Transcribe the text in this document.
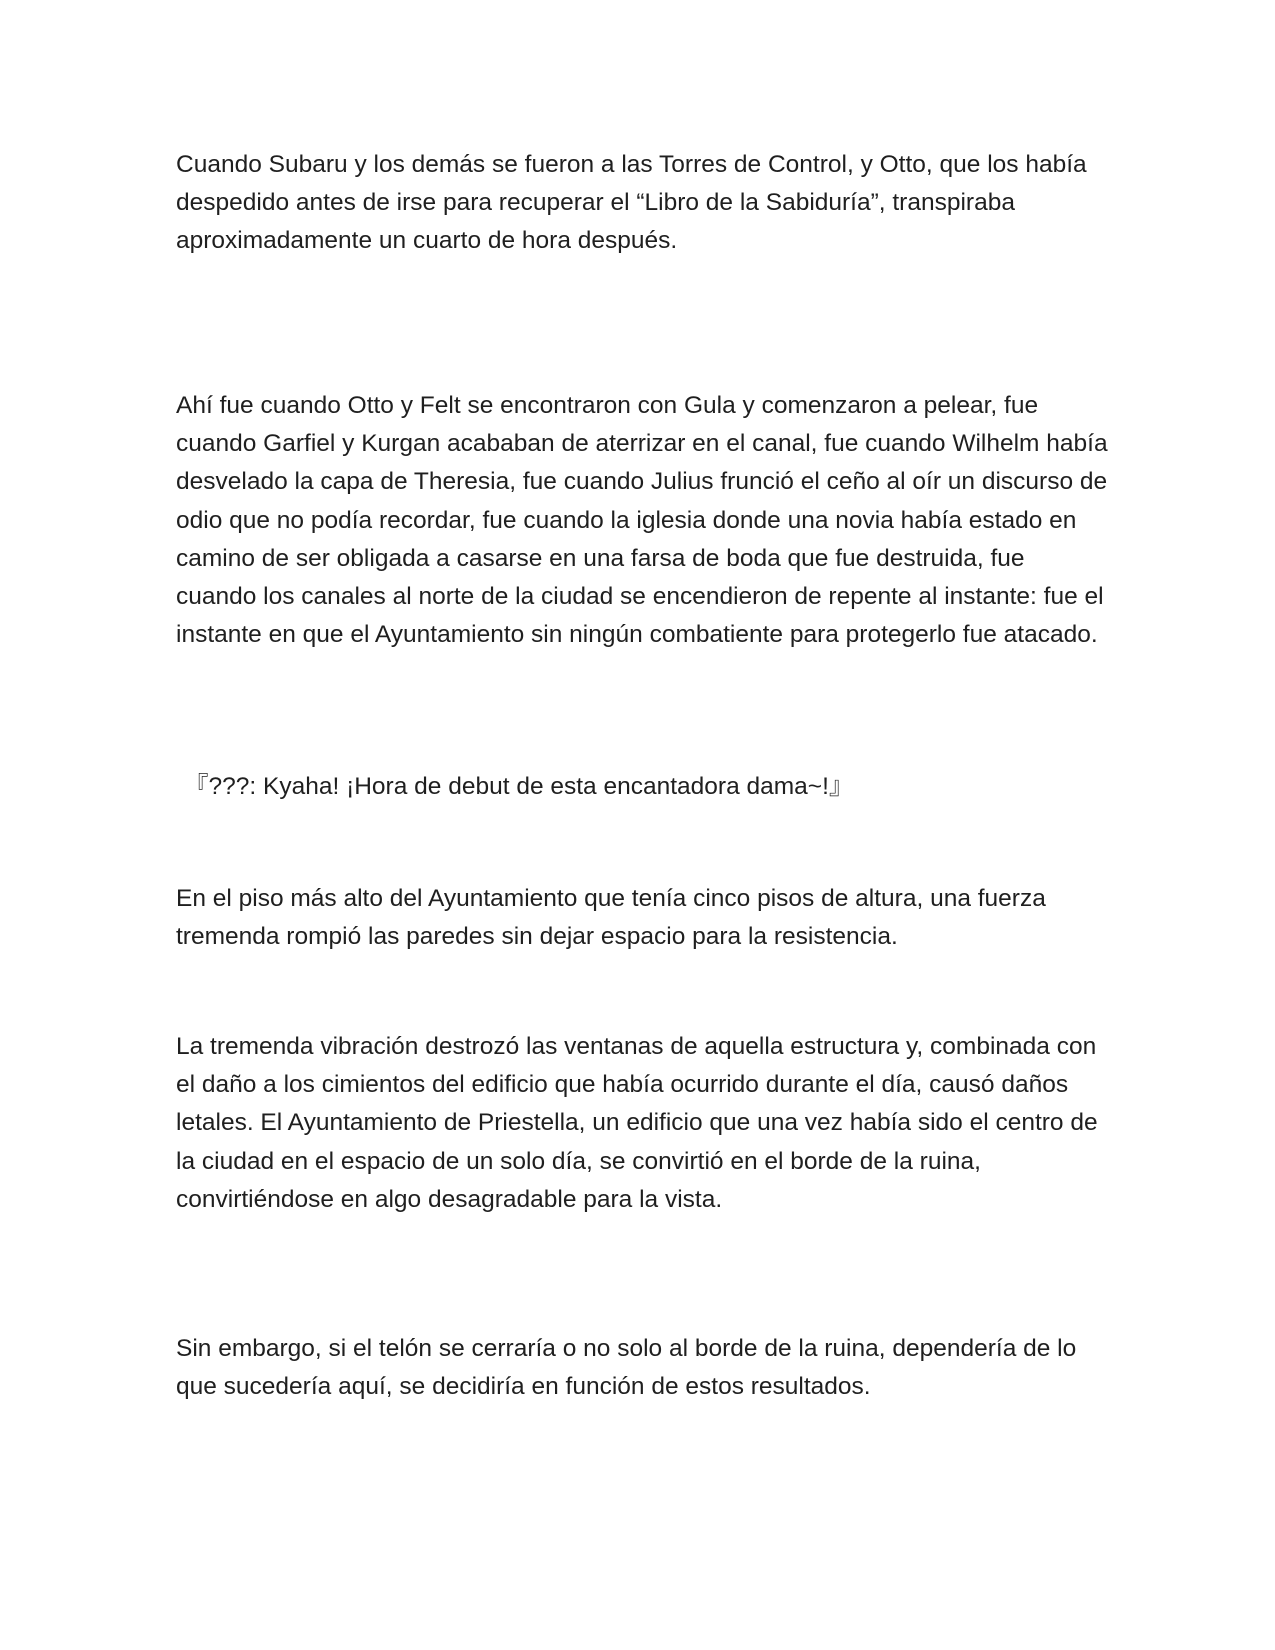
Cuando Subaru y los demás se fueron a las Torres de Control, y Otto, que los había despedido antes de irse para recuperar el “Libro de la Sabiduría”, transpiraba aproximadamente un cuarto de hora después.

Ahí fue cuando Otto y Felt se encontraron con Gula y comenzaron a pelear, fue cuando Garfiel y Kurgan acababan de aterrizar en el canal, fue cuando Wilhelm había desvelado la capa de Theresia, fue cuando Julius frunció el ceño al oír un discurso de odio que no podía recordar, fue cuando la iglesia donde una novia había estado en camino de ser obligada a casarse en una farsa de boda que fue destruida, fue cuando los canales al norte de la ciudad se encendieron de repente al instante: fue el instante en que el Ayuntamiento sin ningún combatiente para protegerlo fue atacado.

『???: Kyaha! ¡Hora de debut de esta encantadora dama~!』

En el piso más alto del Ayuntamiento que tenía cinco pisos de altura, una fuerza tremenda rompió las paredes sin dejar espacio para la resistencia.

La tremenda vibración destrozó las ventanas de aquella estructura y, combinada con el daño a los cimientos del edificio que había ocurrido durante el día, causó daños letales. El Ayuntamiento de Priestella, un edificio que una vez había sido el centro de la ciudad en el espacio de un solo día, se convirtió en el borde de la ruina, convirtiéndose en algo desagradable para la vista.

Sin embargo, si el telón se cerraría o no solo al borde de la ruina, dependería de lo que sucedería aquí, se decidiría en función de estos resultados.
